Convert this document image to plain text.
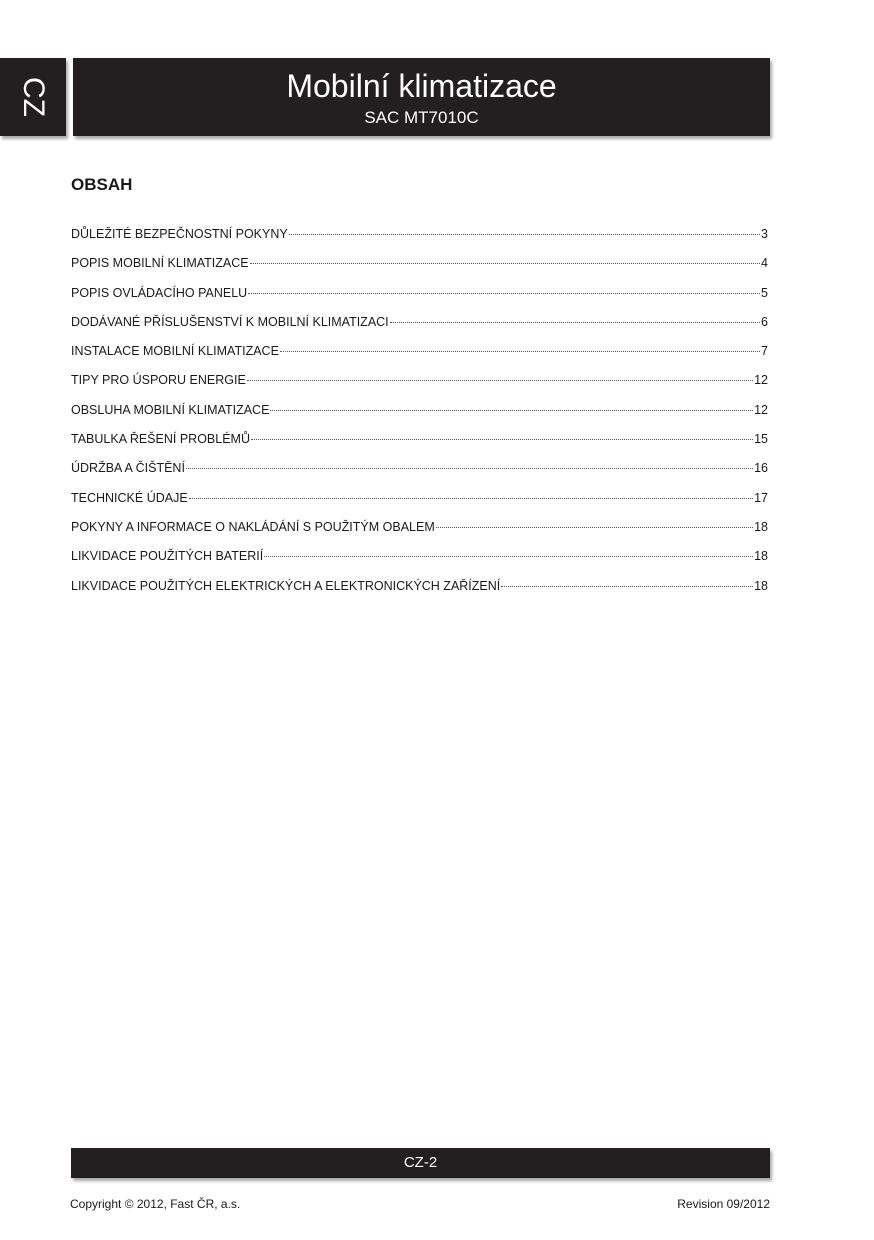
CZ	Mobilní klimatizace
SAC MT7010C
OBSAH
DŮLEŽITÉ BEZPEČNOSTNÍ POKYNY	3
POPIS MOBILNÍ KLIMATIZACE	4
POPIS OVLÁDACÍHO PANELU	5
DODÁVANÉ PŘÍSLUŠENSTVÍ K MOBILNÍ KLIMATIZACI	6
INSTALACE MOBILNÍ KLIMATIZACE	7
TIPY PRO ÚSPORU ENERGIE	12
OBSLUHA MOBILNÍ KLIMATIZACE	12
TABULKA ŘEŠENÍ PROBLÉMŮ	15
ÚDRŽBA A ČIŠTĚNÍ	16
TECHNICKÉ ÚDAJE	17
POKYNY A INFORMACE O NAKLÁDÁNÍ S POUŽITÝM OBALEM	18
LIKVIDACE POUŽITÝCH BATERIÍ	18
LIKVIDACE POUŽITÝCH ELEKTRICKÝCH A ELEKTRONICKÝCH ZAŘÍZENÍ	18
CZ-2
Copyright © 2012, Fast ČR, a.s.	Revision 09/2012
